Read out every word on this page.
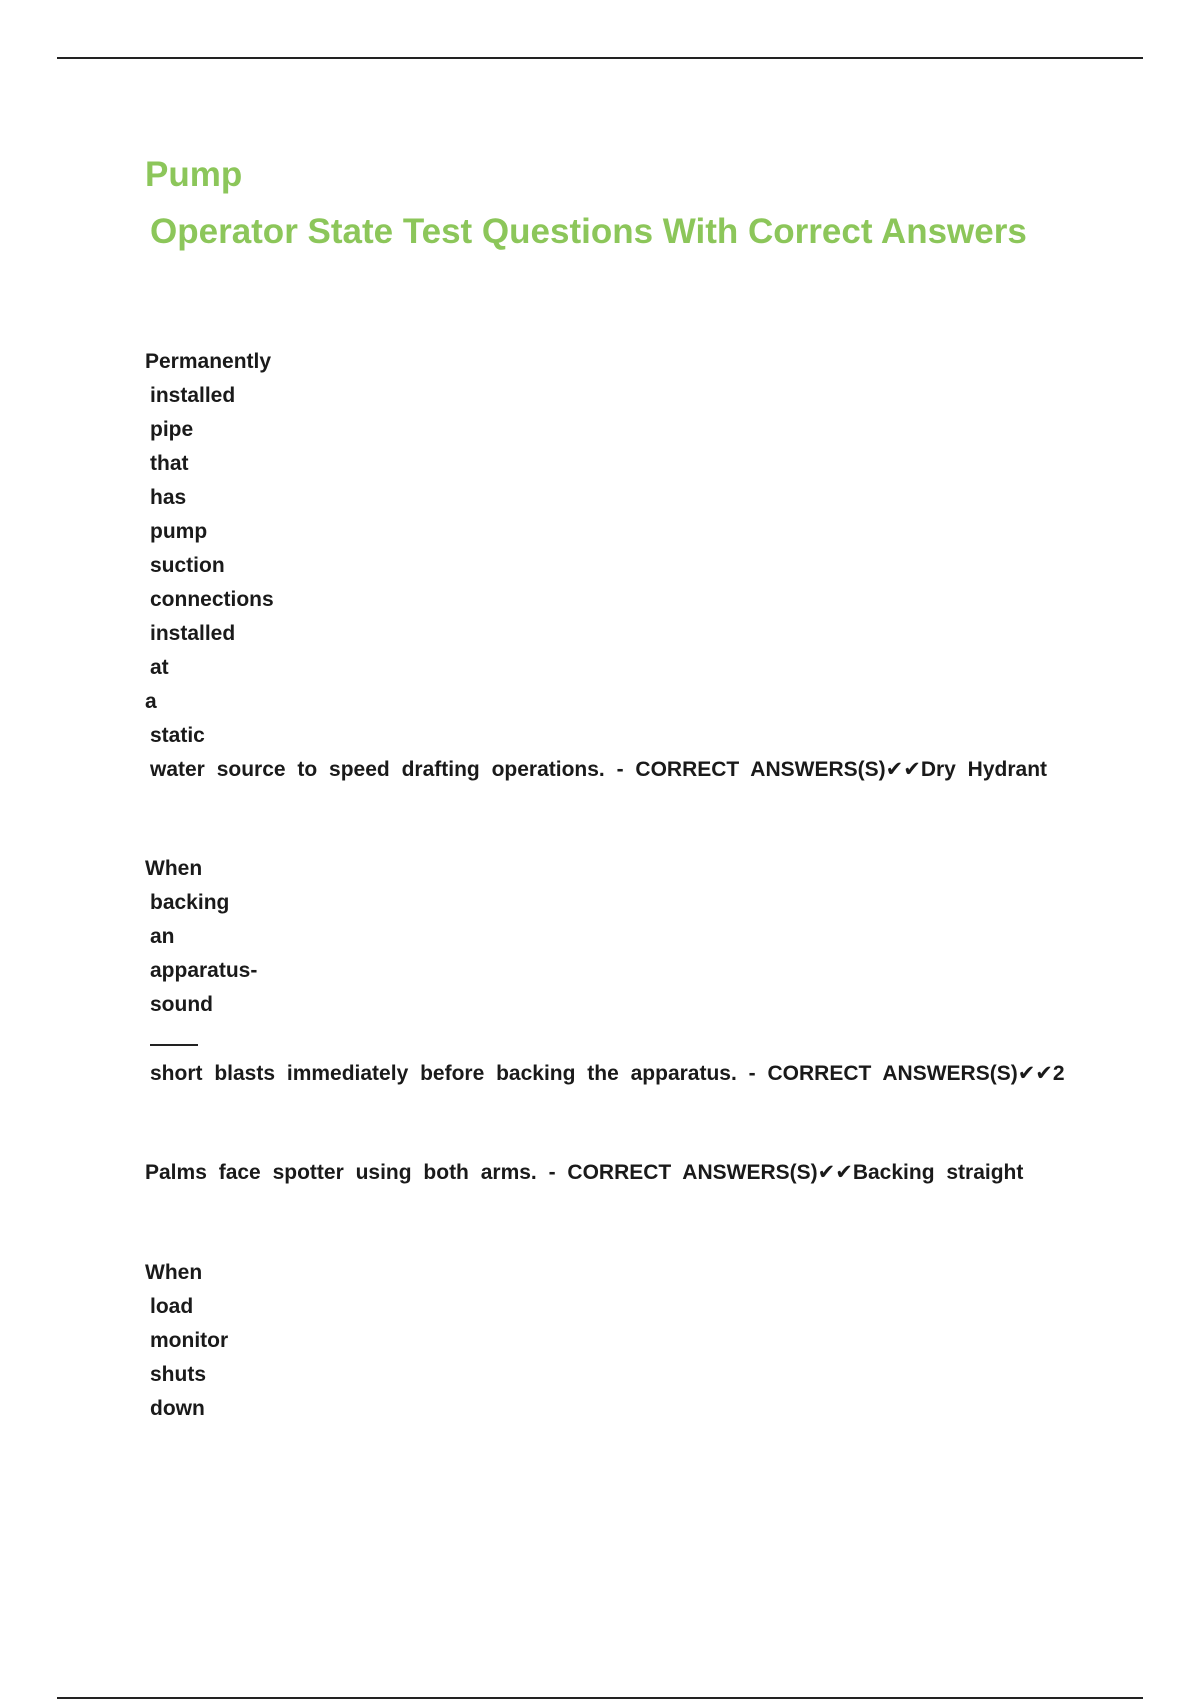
Pump
Operator State Test Questions With Correct Answers
Permanently
installed
pipe
that
has
pump
suction
connections
installed
at
a
static
water source to speed drafting operations. - CORRECT ANSWERS(S)✔✔Dry Hydrant
When
backing
an
apparatus-
sound
short blasts immediately before backing the apparatus. - CORRECT ANSWERS(S)✔✔2
Palms face spotter using both arms. - CORRECT ANSWERS(S)✔✔Backing straight
When
load
monitor
shuts
down
